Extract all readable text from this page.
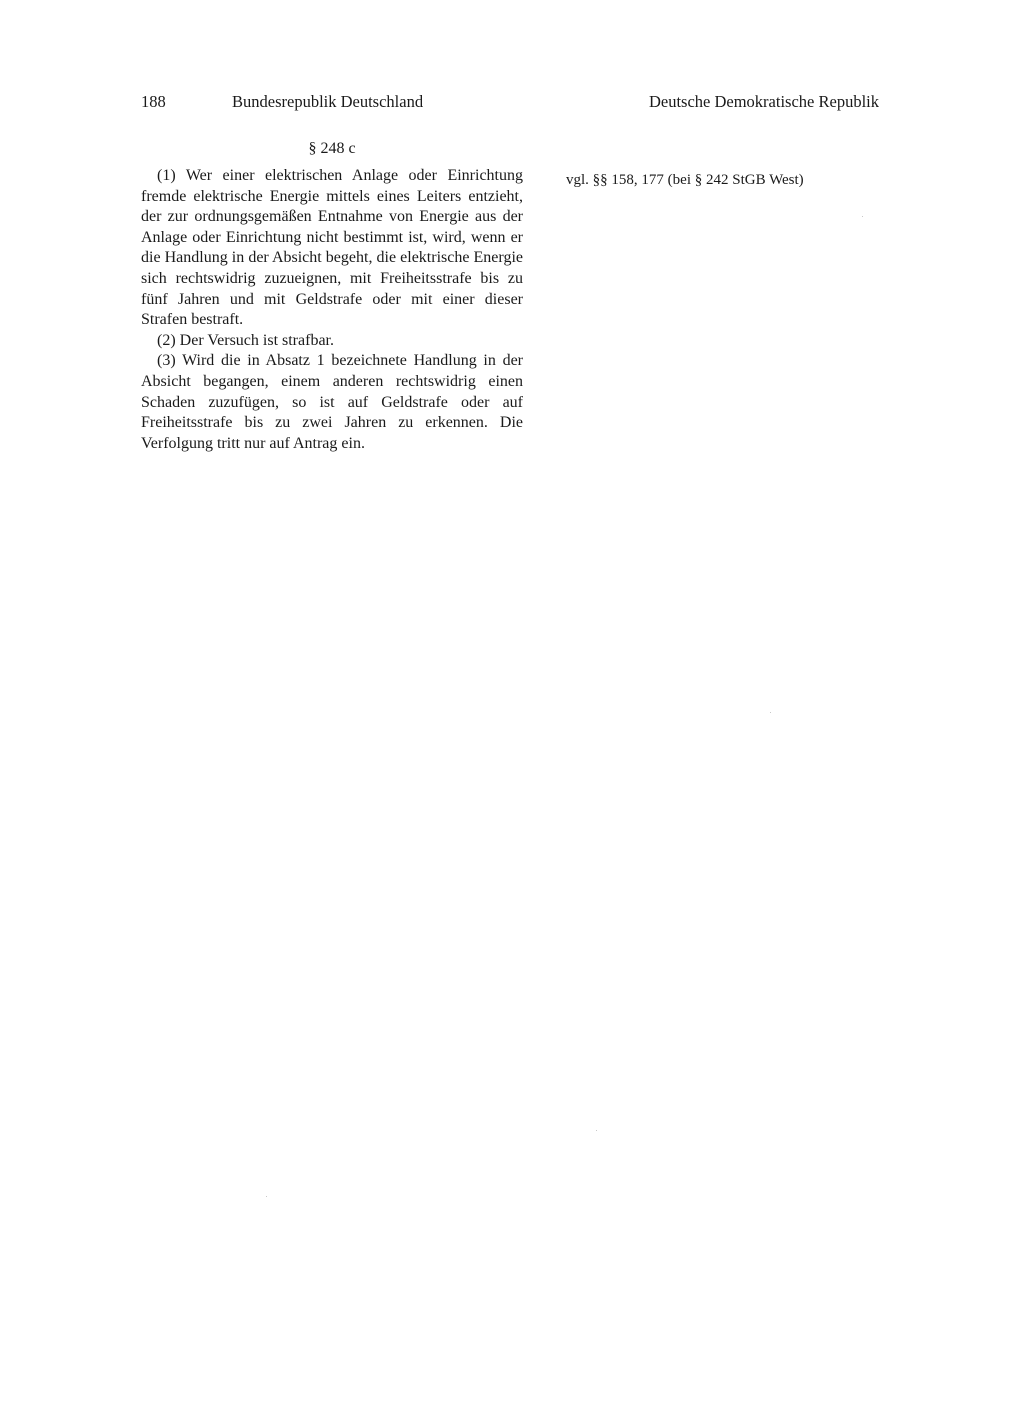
188	Bundesrepublik Deutschland	Deutsche Demokratische Republik
§ 248 c

(1) Wer einer elektrischen Anlage oder Einrichtung fremde elektrische Energie mittels eines Leiters entzieht, der zur ordnungsgemäßen Entnahme von Energie aus der Anlage oder Einrichtung nicht bestimmt ist, wird, wenn er die Handlung in der Absicht begeht, die elektrische Energie sich rechtswidrig zuzueignen, mit Freiheitsstrafe bis zu fünf Jahren und mit Geldstrafe oder mit einer dieser Strafen bestraft.

(2) Der Versuch ist strafbar.

(3) Wird die in Absatz 1 bezeichnete Handlung in der Absicht begangen, einem anderen rechtswidrig einen Schaden zuzufügen, so ist auf Geldstrafe oder auf Freiheitsstrafe bis zu zwei Jahren zu erkennen. Die Verfolgung tritt nur auf Antrag ein.

vgl. §§ 158, 177 (bei § 242 StGB West)
